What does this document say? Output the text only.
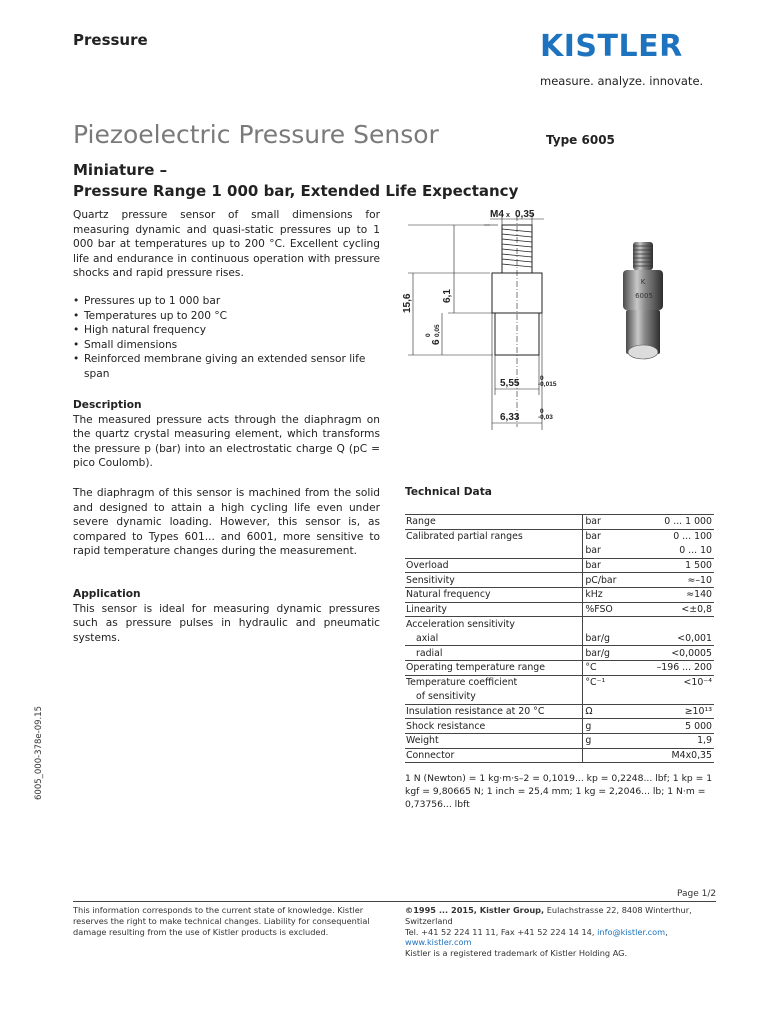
Pressure	KISTLER
measure. analyze. innovate.
Piezoelectric Pressure Sensor	Type 6005
Miniature –
Pressure Range 1 000 bar, Extended Life Expectancy

Quartz pressure sensor of small dimensions for measuring dynamic and quasi-static pressures up to 1 000 bar at temperatures up to 200 °C. Excellent cycling life and endurance in continuous operation with pressure shocks and rapid pressure rises.

• Pressures up to 1 000 bar
• Temperatures up to 200 °C
• High natural frequency
• Small dimensions
• Reinforced membrane giving an extended sensor life span
Description

The measured pressure acts through the diaphragm on the quartz crystal measuring element, which transforms the pressure p (bar) into an electrostatic charge Q (pC = pico Coulomb).

The diaphragm of this sensor is machined from the solid and designed to attain a high cycling life even under severe dynamic loading. However, this sensor is, as compared to Types 601... and 6001, more sensitive to rapid temperature changes during the measurement.

Application

This sensor is ideal for measuring dynamic pressures such as pressure pulses in hydraulic and pneumatic systems.

M4 x 0,35
15,6	6,1
6
0 0,05
5,55	0
-0,015
6,33
0
-0,03
K
6005
Technical Data
Range	bar	0 ... 1 000
Calibrated partial ranges	bar	0 ... 100
	bar	0 ... 10
Overload	bar	1 500
Sensitivity	pC/bar	≈–10
Natural frequency	kHz	≈140
Linearity	%FSO	<±0,8
Acceleration sensitivity		
axial	bar/g	<0,001
radial	bar/g	<0,0005
Operating temperature range	°C	–196 ... 200
Temperature coefficient	°C⁻¹	<10⁻⁴
of sensitivity		
Insulation resistance at 20 °C	Ω	≥10¹³
Shock resistance	g	5 000
Weight	g	1,9
Connector		M4x0,35

1 N (Newton) = 1 kg·m·s–2 = 0,1019... kp = 0,2248... lbf; 1 kp = 1 kgf = 9,80665 N; 1 inch = 25,4 mm; 1 kg = 2,2046... lb; 1 N·m = 0,73756... lbft

6005_000-378e-09.15
Page 1/2

This information corresponds to the current state of knowledge. Kistler reserves the right to make technical changes. Liability for consequential damage resulting from the use of Kistler products is excluded.

©1995 ... 2015, Kistler Group, Eulachstrasse 22, 8408 Winterthur, Switzerland
Tel. +41 52 224 11 11, Fax +41 52 224 14 14, info@kistler.com, www.kistler.com
Kistler is a registered trademark of Kistler Holding AG.
